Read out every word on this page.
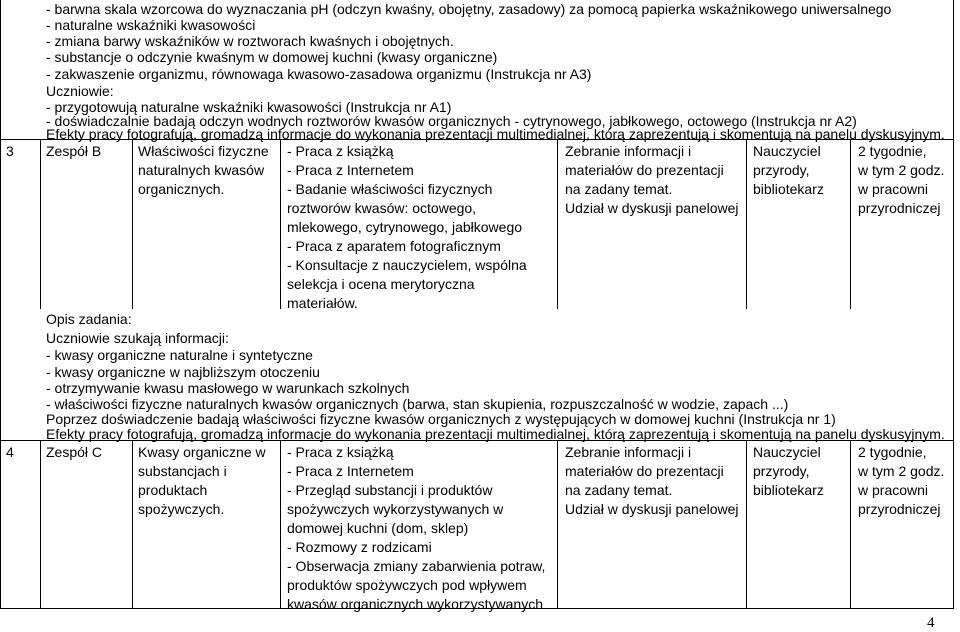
- barwna skala wzorcowa do wyznaczania pH (odczyn kwaśny, obojętny, zasadowy) za pomocą papierka wskaźnikowego uniwersalnego
- naturalne wskaźniki kwasowości
- zmiana barwy wskaźników w roztworach kwaśnych i obojętnych.
- substancje o odczynie kwaśnym w domowej kuchni (kwasy organiczne)
- zakwaszenie organizmu, równowaga kwasowo-zasadowa organizmu (Instrukcja nr A3)
Uczniowie:
- przygotowują naturalne wskaźniki kwasowości (Instrukcja nr A1)
- doświadczalnie badają odczyn wodnych roztworów kwasów organicznych - cytrynowego, jabłkowego, octowego (Instrukcja nr A2)
Efekty pracy fotografują, gromadzą informacje do wykonania prezentacji multimedialnej, którą zaprezentują i skomentują na panelu dyskusyjnym.
3 Zespół B	Właściwości fizyczne
naturalnych kwasów
organicznych.
- Praca z książką
- Praca z Internetem
- Badanie właściwości fizycznych
roztworów kwasów: octowego,
mlekowego, cytrynowego, jabłkowego
- Praca z aparatem fotograficznym
- Konsultacje z nauczycielem, wspólna
selekcja i ocena merytoryczna
materiałów.
Zebranie informacji i
materiałów do prezentacji
na zadany temat.
Udział w dyskusji panelowej
Nauczyciel
przyrody,
bibliotekarz
2 tygodnie,
w tym 2 godz.
w pracowni
przyrodniczej
Opis zadania:
Uczniowie szukają informacji:
- kwasy organiczne naturalne i syntetyczne
- kwasy organiczne w najbliższym otoczeniu
- otrzymywanie kwasu masłowego w warunkach szkolnych
- właściwości fizyczne naturalnych kwasów organicznych (barwa, stan skupienia, rozpuszczalność w wodzie, zapach ...)
Poprzez doświadczenie badają właściwości fizyczne kwasów organicznych z występujących w domowej kuchni (Instrukcja nr 1)
Efekty pracy fotografują, gromadzą informacje do wykonania prezentacji multimedialnej, którą zaprezentują i skomentują na panelu dyskusyjnym.
4 Zespół C	Kwasy organiczne w
substancjach i
produktach
spożywczych.
- Praca z książką
- Praca z Internetem
- Przegląd substancji i produktów
spożywczych wykorzystywanych w
domowej kuchni (dom, sklep)
- Rozmowy z rodzicami
- Obserwacja zmiany zabarwienia potraw,
produktów spożywczych pod wpływem
kwasów organicznych wykorzystywanych
Zebranie informacji i
materiałów do prezentacji
na zadany temat.
Udział w dyskusji panelowej
Nauczyciel
przyrody,
bibliotekarz
2 tygodnie,
w tym 2 godz.
w pracowni
przyrodniczej
4
